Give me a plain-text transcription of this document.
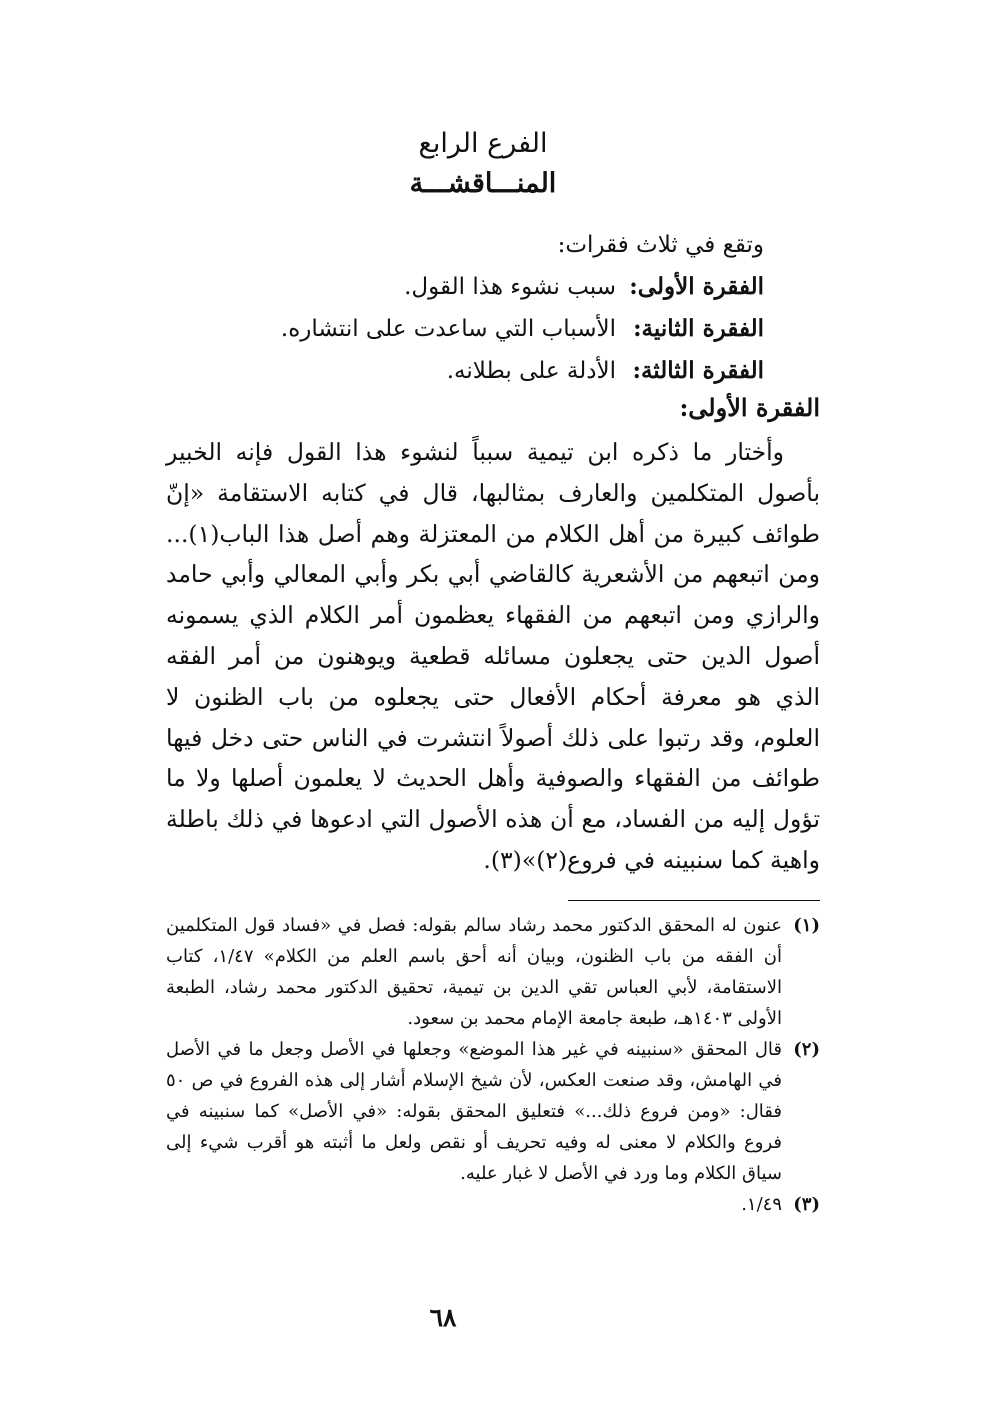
الفرع الرابع
المنـــاقشـــة
وتقع في ثلاث فقرات:
الفقرة الأولى:سبب نشوء هذا القول.
الفقرة الثانية:الأسباب التي ساعدت على انتشاره.
الفقرة الثالثة:الأدلة على بطلانه.
الفقرة الأولى:

وأختار ما ذكره ابن تيمية سبباً لنشوء هذا القول فإنه الخبير بأصول المتكلمين والعارف بمثالبها، قال في كتابه الاستقامة «إنّ طوائف كبيرة من أهل الكلام من المعتزلة وهم أصل هذا الباب(١)... ومن اتبعهم من الأشعرية كالقاضي أبي بكر وأبي المعالي وأبي حامد والرازي ومن اتبعهم من الفقهاء يعظمون أمر الكلام الذي يسمونه أصول الدين حتى يجعلون مسائله قطعية ويوهنون من أمر الفقه الذي هو معرفة أحكام الأفعال حتى يجعلوه من باب الظنون لا العلوم، وقد رتبوا على ذلك أصولاً انتشرت في الناس حتى دخل فيها طوائف من الفقهاء والصوفية وأهل الحديث لا يعلمون أصلها ولا ما تؤول إليه من الفساد، مع أن هذه الأصول التي ادعوها في ذلك باطلة واهية كما سنبينه في فروع(٢)»(٣).

(١)
عنون له المحقق الدكتور محمد رشاد سالم بقوله: فصل في «فساد قول المتكلمين أن الفقه من باب الظنون، وبيان أنه أحق باسم العلم من الكلام» ١/٤٧، كتاب الاستقامة، لأبي العباس تقي الدين بن تيمية، تحقيق الدكتور محمد رشاد، الطبعة الأولى ١٤٠٣هـ، طبعة جامعة الإمام محمد بن سعود.
(٢)
قال المحقق «سنبينه في غير هذا الموضع» وجعلها في الأصل وجعل ما في الأصل في الهامش، وقد صنعت العكس، لأن شيخ الإسلام أشار إلى هذه الفروع في ص ٥٠ فقال: «ومن فروع ذلك...» فتعليق المحقق بقوله: «في الأصل» كما سنبينه في فروع والكلام لا معنى له وفيه تحريف أو نقص ولعل ما أثبته هو أقرب شيء إلى سياق الكلام وما ورد في الأصل لا غبار عليه.
(٣)
١/٤٩.
٦٨
